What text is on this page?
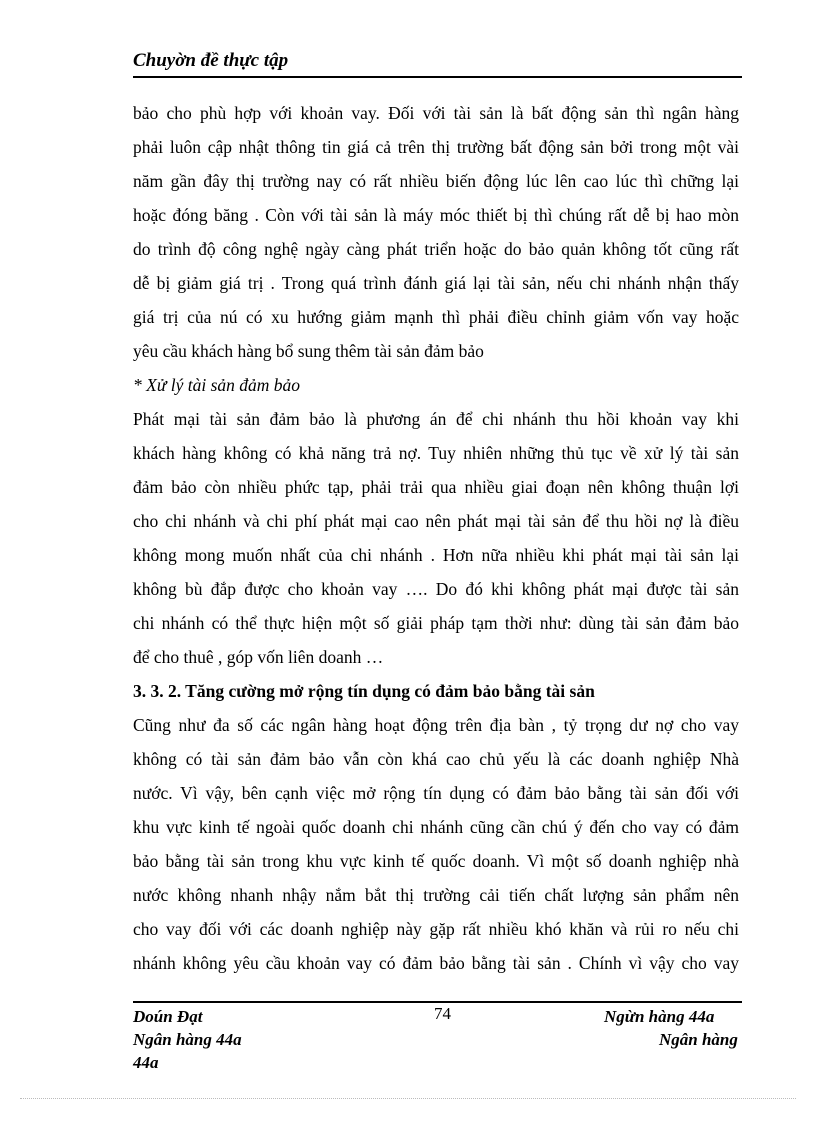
Chuyờn đề thực tập
bảo cho phù hợp với khoản vay. Đối với tài sản là bất động sản thì ngân hàng
phải luôn cập nhật thông tin giá cả trên thị trường bất động sản bởi trong một vài
năm gần đây thị trường nay có rất nhiều biến động lúc lên cao lúc thì chững lại
hoặc đóng băng . Còn với tài sản là máy móc thiết bị thì chúng rất dễ bị hao mòn
do trình độ công nghệ ngày càng phát triển hoặc do bảo quản không tốt cũng rất
dễ bị giảm giá trị . Trong quá trình đánh giá lại tài sản, nếu chi nhánh nhận thấy
giá trị của nú có xu hướng giảm mạnh thì phải điều chỉnh giảm vốn vay hoặc
yêu cầu khách hàng bổ sung thêm tài sản đảm bảo
* Xử lý tài sản đảm bảo
Phát mại tài sản đảm bảo là phương án để chi nhánh thu hồi khoản vay khi
khách hàng không có khả năng trả nợ. Tuy nhiên những thủ tục về xử lý tài sản
đảm bảo còn nhiều phức tạp, phải trải qua nhiều giai đoạn nên không thuận lợi
cho chi nhánh và chi phí phát mại cao nên phát mại tài sản để thu hồi nợ là điều
không mong muốn nhất của chi nhánh . Hơn nữa nhiều khi phát mại tài sản lại
không bù đắp được cho khoản vay …. Do đó khi không phát mại được tài sản
chi nhánh có thể thực hiện một số giải pháp tạm thời như: dùng tài sản đảm bảo
để cho thuê , góp vốn liên doanh …
3. 3. 2. Tăng cường mở rộng tín dụng có đảm bảo bằng tài sản
Cũng như đa số các ngân hàng hoạt động trên địa bàn , tỷ trọng dư nợ cho vay
không có tài sản đảm bảo vẫn còn khá cao chủ yếu là các doanh nghiệp Nhà
nước. Vì vậy, bên cạnh việc mở rộng tín dụng có đảm bảo bằng tài sản đối với
khu vực kinh tế ngoài quốc doanh chi nhánh cũng cần chú ý đến cho vay có đảm
bảo bằng tài sản trong khu vực kinh tế quốc doanh. Vì một số doanh nghiệp nhà
nước không nhanh nhậy nắm bắt thị trường cải tiến chất lượng sản phẩm nên
cho vay đối với các doanh nghiệp này gặp rất nhiều khó khăn và rủi ro nếu chi
nhánh không yêu cầu khoản vay có đảm bảo bằng tài sản . Chính vì vậy cho vay
Doún Đạt	74	Ngừn hàng 44a
Ngân hàng 44a	Ngân hàng
44a
